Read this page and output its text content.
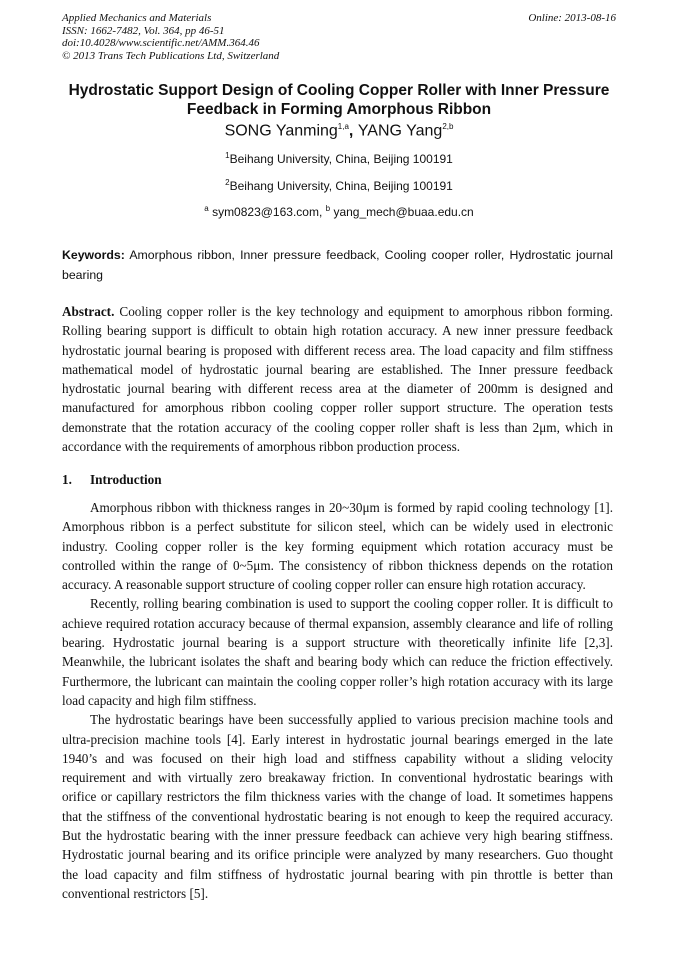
Applied Mechanics and Materials
ISSN: 1662-7482, Vol. 364, pp 46-51
doi:10.4028/www.scientific.net/AMM.364.46
© 2013 Trans Tech Publications Ltd, Switzerland
Online: 2013-08-16
Hydrostatic Support Design of Cooling Copper Roller with Inner Pressure Feedback in Forming Amorphous Ribbon
SONG Yanming$^{1,a}$, YANG Yang$^{2,b}$
$^1$Beihang University, China, Beijing 100191
$^2$Beihang University, China, Beijing 100191
$^a$ sym0823@163.com, $^b$ yang_mech@buaa.edu.cn
Keywords: Amorphous ribbon, Inner pressure feedback, Cooling cooper roller, Hydrostatic journal bearing
Abstract. Cooling copper roller is the key technology and equipment to amorphous ribbon forming. Rolling bearing support is difficult to obtain high rotation accuracy. A new inner pressure feedback hydrostatic journal bearing is proposed with different recess area. The load capacity and film stiffness mathematical model of hydrostatic journal bearing are established. The Inner pressure feedback hydrostatic journal bearing with different recess area at the diameter of 200mm is designed and manufactured for amorphous ribbon cooling copper roller support structure. The operation tests demonstrate that the rotation accuracy of the cooling copper roller shaft is less than 2μm, which in accordance with the requirements of amorphous ribbon production process.
1. Introduction

Amorphous ribbon with thickness ranges in 20~30μm is formed by rapid cooling technology [1]. Amorphous ribbon is a perfect substitute for silicon steel, which can be widely used in electronic industry. Cooling copper roller is the key forming equipment which rotation accuracy must be controlled within the range of 0~5μm. The consistency of ribbon thickness depends on the rotation accuracy. A reasonable support structure of cooling copper roller can ensure high rotation accuracy.

Recently, rolling bearing combination is used to support the cooling copper roller. It is difficult to achieve required rotation accuracy because of thermal expansion, assembly clearance and life of rolling bearing. Hydrostatic journal bearing is a support structure with theoretically infinite life [2,3]. Meanwhile, the lubricant isolates the shaft and bearing body which can reduce the friction effectively. Furthermore, the lubricant can maintain the cooling copper roller’s high rotation accuracy with its large load capacity and high film stiffness.

The hydrostatic bearings have been successfully applied to various precision machine tools and ultra-precision machine tools [4]. Early interest in hydrostatic journal bearings emerged in the late 1940’s and was focused on their high load and stiffness capability without a sliding velocity requirement and with virtually zero breakaway friction. In conventional hydrostatic bearings with orifice or capillary restrictors the film thickness varies with the change of load. It sometimes happens that the stiffness of the conventional hydrostatic bearing is not enough to keep the required accuracy. But the hydrostatic bearing with the inner pressure feedback can achieve very high bearing stiffness. Hydrostatic journal bearing and its orifice principle were analyzed by many researchers. Guo thought the load capacity and film stiffness of hydrostatic journal bearing with pin throttle is better than conventional restrictors [5].
